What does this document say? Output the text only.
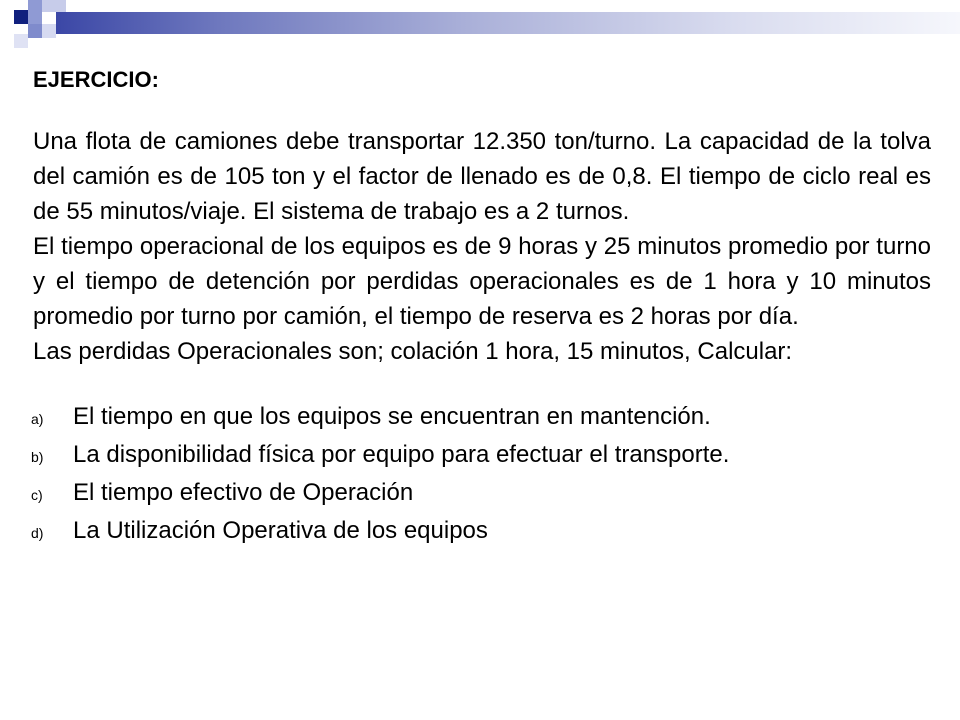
EJERCICIO:

Una flota de camiones debe transportar 12.350 ton/turno. La capacidad de la tolva del camión es de 105 ton y el factor de llenado es de 0,8. El tiempo de ciclo real es de 55 minutos/viaje. El sistema de trabajo es a 2 turnos.

El tiempo operacional de los equipos es de 9 horas y 25 minutos promedio por turno y el tiempo de detención por perdidas operacionales es de 1 hora y 10 minutos promedio por turno por camión, el tiempo de reserva es 2 horas por día.

Las perdidas Operacionales son; colación 1 hora, 15 minutos, Calcular:

a)	El tiempo en que los equipos se encuentran en mantención.
b)	La disponibilidad física por equipo para efectuar el transporte.
c)	El tiempo efectivo de Operación
d)	La Utilización Operativa de los equipos
